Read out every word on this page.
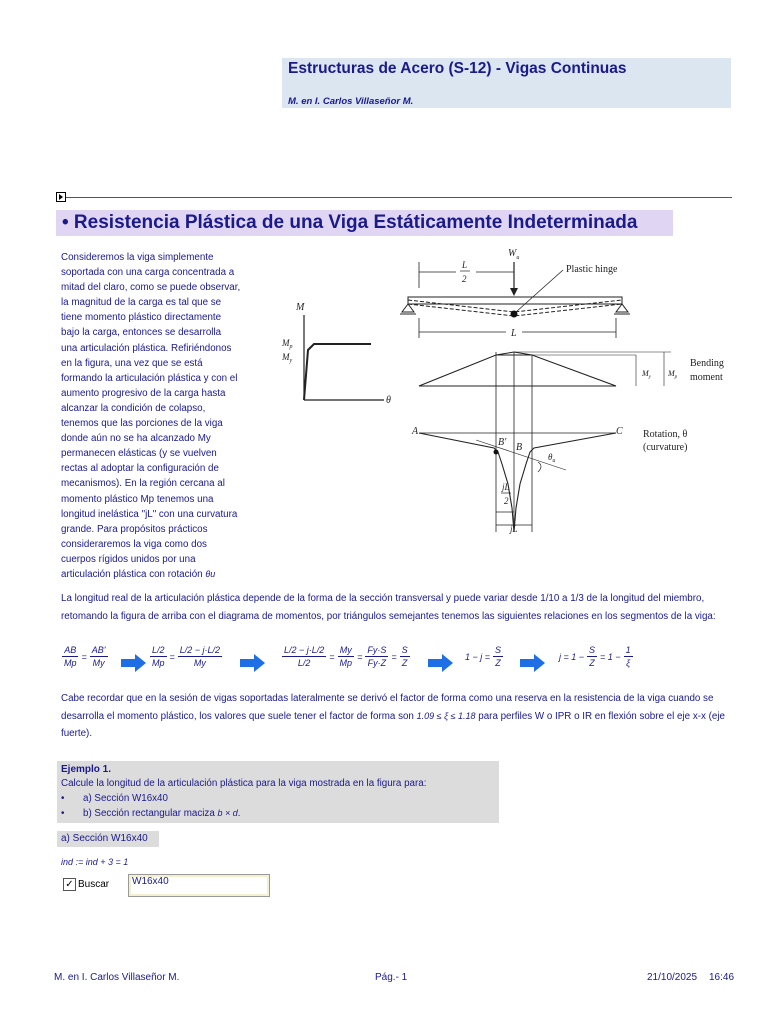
Estructuras de Acero (S-12) - Vigas Continuas
M. en I. Carlos Villaseñor M.
• Resistencia Plástica de una Viga Estáticamente Indeterminada
Consideremos la viga simplemente
soportada con una carga concentrada a
mitad del claro, como se puede observar,
la magnitud de la carga es tal que se
tiene momento plástico directamente
bajo la carga, entonces se desarrolla
una articulación plástica. Refiriéndonos
en la figura, una vez que se está
formando la articulación plástica y con el
aumento progresivo de la carga hasta
alcanzar la condición de colapso,
tenemos que las porciones de la viga
donde aún no se ha alcanzado My
permanecen elásticas (y se vuelven
rectas al adoptar la configuración de
mecanismos). En la región cercana al
momento plástico Mp tenemos una
longitud inelástica "jL" con una curvatura
grande. Para propósitos prácticos
consideraremos la viga como dos
cuerpos rígidos unidos por una
articulación plástica con rotación θu
M
$M_p$
$M_y$
θ
$W_u$
L
2
Plastic hinge
L
$M_y$ $M_p$
Bending
moment
A	C
B' B
$\theta_u$
Rotation, θ
(curvature)
jL
2
jL
La longitud real de la articulación plástica depende de la forma de la sección transversal y puede variar desde 1/10 a 1/3 de la longitud del miembro, retomando la figura de arriba con el diagrama de momentos, por triángulos semejantes tenemos las siguientes relaciones en los segmentos de la viga:
$\frac{AB}{Mp} = \frac{AB'}{My}$	$\frac{L/2}{Mp} = \frac{L/2 - j\cdot L/2}{My}$	$\frac{L/2 - j\cdot L/2}{L/2} = \frac{My}{Mp} = \frac{Fy\cdot S}{Fy\cdot Z} = \frac{S}{Z}$	$1 - j = \frac{S}{Z}$	$j = 1 - \frac{S}{Z} = 1 - \frac{1}{\xi}$
Cabe recordar que en la sesión de vigas soportadas lateralmente se derivó el factor de forma como una reserva en la resistencia de la viga cuando se desarrolla el momento plástico, los valores que suele tener el factor de forma son 1.09 ≤ ξ ≤ 1.18 para perfiles W o IPR o IR en flexión sobre el eje x-x (eje fuerte).
Ejemplo 1.
Calcule la longitud de la articulación plástica para la viga mostrada en la figura para:
• a) Sección W16x40
• b) Sección rectangular maciza b × d.
a) Sección W16x40
ind := ind + 3 = 1
✓ Buscar	W16x40
M. en I. Carlos Villaseñor M.	Pág.- 1	21/10/2025 16:46
